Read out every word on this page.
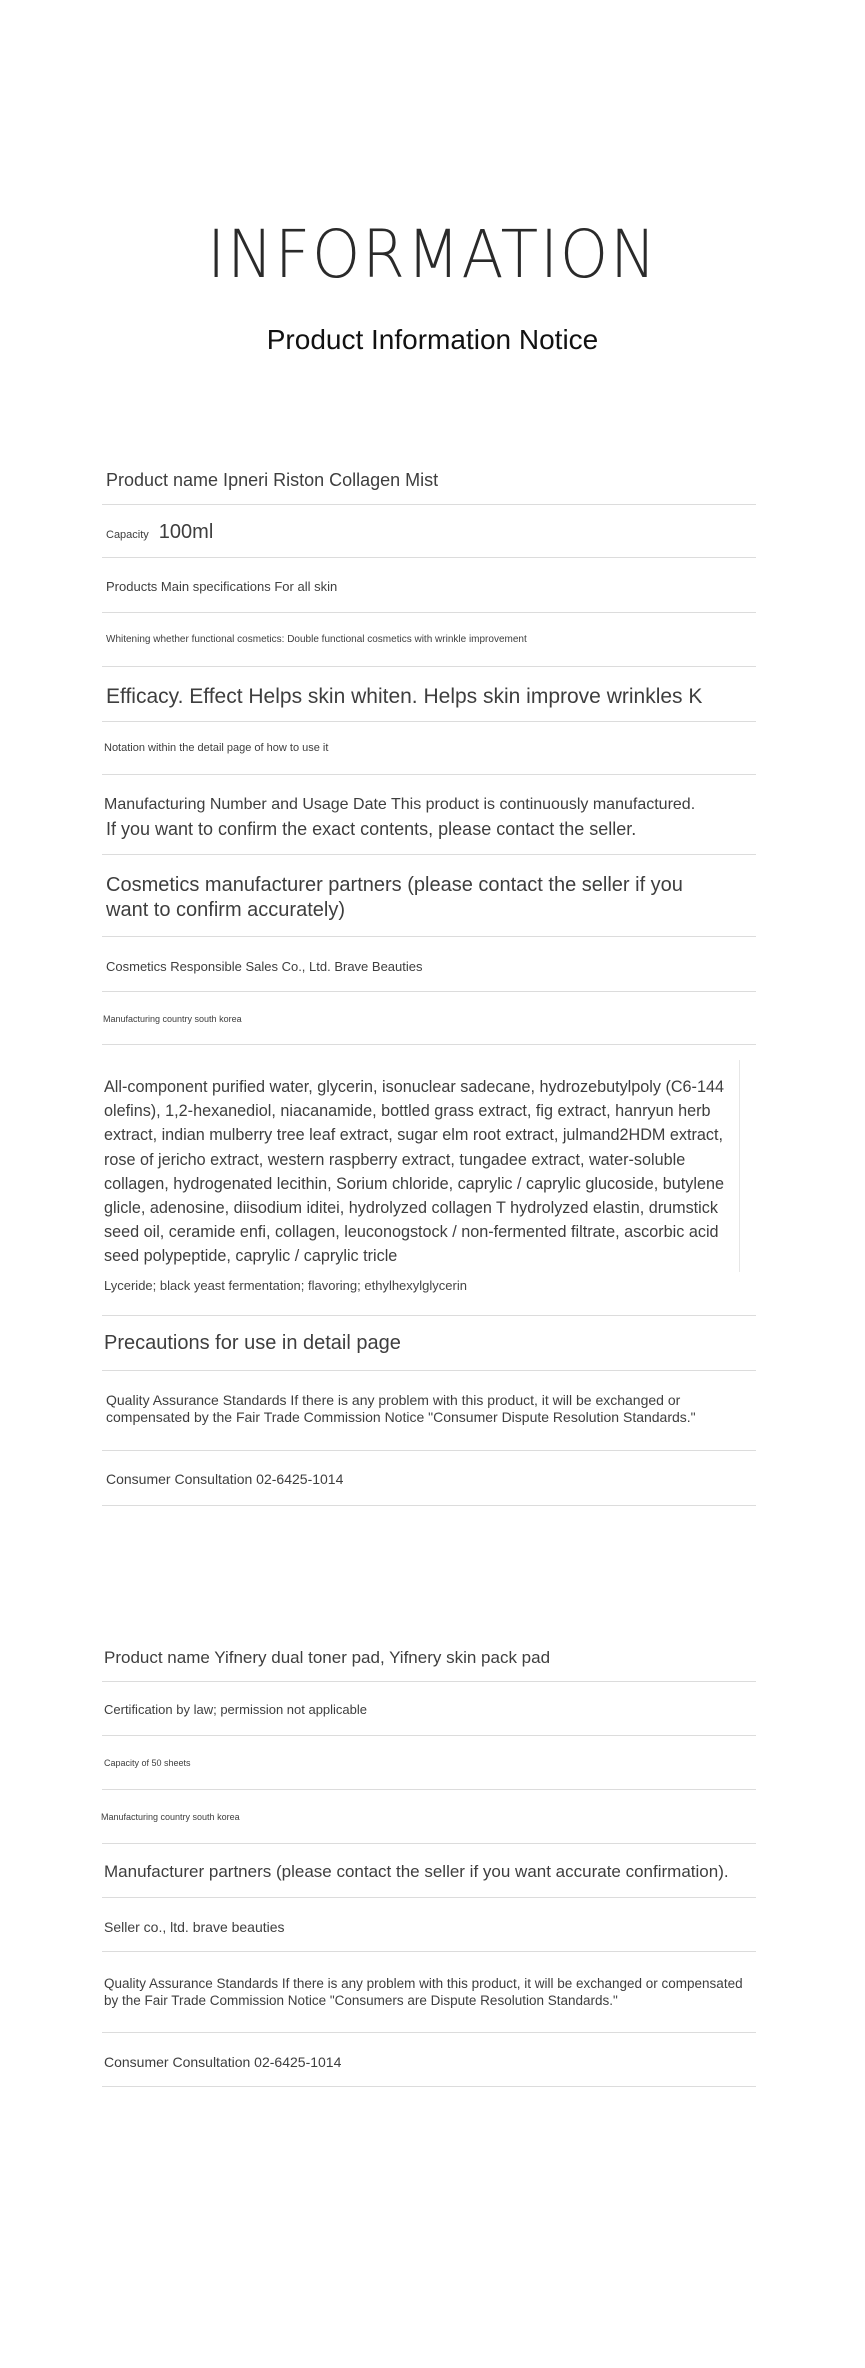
INFORMATION
Product Information Notice
Product name Ipneri Riston Collagen Mist
Capacity 100ml
Products Main specifications For all skin
Whitening whether functional cosmetics: Double functional cosmetics with wrinkle improvement
Efficacy. Effect Helps skin whiten. Helps skin improve wrinkles K
Notation within the detail page of how to use it
Manufacturing Number and Usage Date This product is continuously manufactured.
If you want to confirm the exact contents, please contact the seller.
Cosmetics manufacturer partners (please contact the seller if you want to confirm accurately)
Cosmetics Responsible Sales Co., Ltd. Brave Beauties
Manufacturing country south korea
All-component purified water, glycerin, isonuclear sadecane, hydrozebutylpoly (C6-144 olefins), 1,2-hexanediol, niacanamide, bottled grass extract, fig extract, hanryun herb extract, indian mulberry tree leaf extract, sugar elm root extract, julmand2HDM extract, rose of jericho extract, western raspberry extract, tungadee extract, water-soluble collagen, hydrogenated lecithin, Sorium chloride, caprylic / caprylic glucoside, butylene glicle, adenosine, diisodium iditei, hydrolyzed collagen T hydrolyzed elastin, drumstick seed oil, ceramide enfi, collagen, leuconogstock / non-fermented filtrate, ascorbic acid seed polypeptide, caprylic / caprylic tricle
Lyceride; black yeast fermentation; flavoring; ethylhexylglycerin
Precautions for use in detail page
Quality Assurance Standards If there is any problem with this product, it will be exchanged or compensated by the Fair Trade Commission Notice "Consumer Dispute Resolution Standards."
Consumer Consultation 02-6425-1014
Product name Yifnery dual toner pad, Yifnery skin pack pad
Certification by law; permission not applicable
Capacity of 50 sheets
Manufacturing country south korea
Manufacturer partners (please contact the seller if you want accurate confirmation).
Seller co., ltd. brave beauties
Quality Assurance Standards If there is any problem with this product, it will be exchanged or compensated by the Fair Trade Commission Notice "Consumers are Dispute Resolution Standards."
Consumer Consultation 02-6425-1014
